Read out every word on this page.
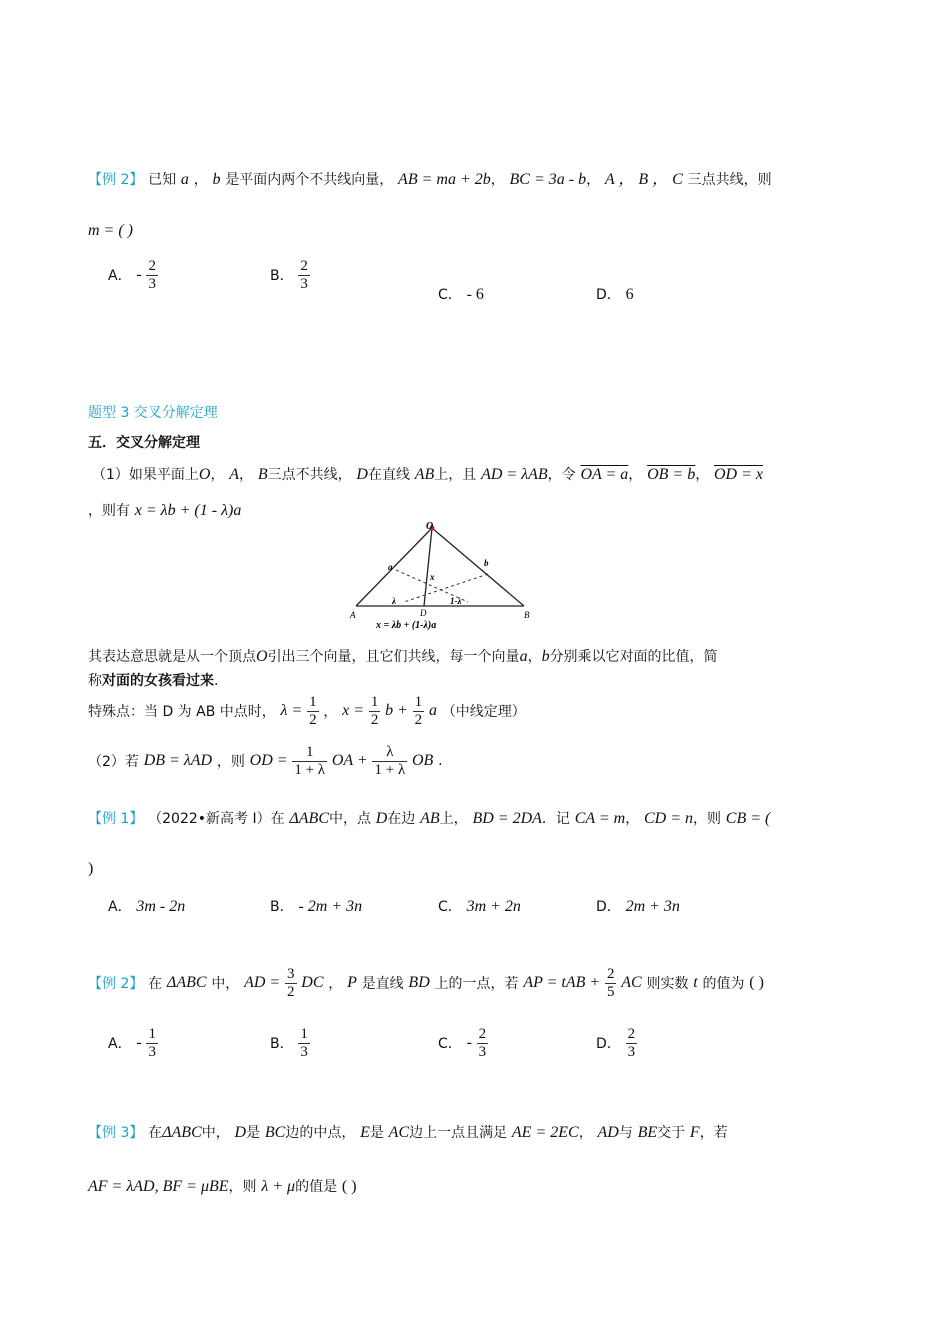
【例 2】 已知 a ， b 是平面内两个不共线向量， AB = ma + 2b， BC = 3a - b， A ， B ， C 三点共线，则
m = ( )
A． - $\frac{2}{3}$	B． $\frac{2}{3}$
C． - 6	D． 6
题型 3 交叉分解定理
五．交叉分解定理
（1）如果平面上O， A， B三点不共线， D在直线 AB上，且 AD = λAB，令 OA = a， OB = b， OD = x
，则有 x = λb + (1 - λ)a
O
A	B
D
a	b
x
λ	1-λ
x = λb + (1-λ)a
其表达意思就是从一个顶点O引出三个向量，且它们共线，每一个向量a，b分别乘以它对面的比值，简
称对面的女孩看过来.
特殊点：当 D 为 AB 中点时， $\lambda = \frac{1}{2}$ ， $x = \frac{1}{2}$ $b + \frac{1}{2}$ a （中线定理）
（2）若 DB = λAD ，则 OD = $\frac{1}{1 + \lambda}$ OA + $\frac{\lambda}{1 + \lambda}$ OB .
【例 1】 （2022•新高考 Ⅰ）在 ΔABC中，点 D在边 AB上， BD = 2DA．记 CA = m， CD = n，则 CB = (
)
A． 3m - 2n	B． - 2m + 3n	C． 3m + 2n	D． 2m + 3n
【例 2】 在 ΔABC 中， AD = $\frac{3}{2}$ DC ， P 是直线 BD 上的一点，若 AP = tAB + $\frac{2}{5}$ AC 则实数 t 的值为 ( )
A． - $\frac{1}{3}$	B． $\frac{1}{3}$	C． - $\frac{2}{3}$	D． $\frac{2}{3}$
【例 3】 在ΔABC中， D是 BC边的中点， E是 AC边上一点且满足 AE = 2EC， AD与 BE交于 F，若
AF = λAD, BF = μBE，则 λ + μ的值是 ( )
